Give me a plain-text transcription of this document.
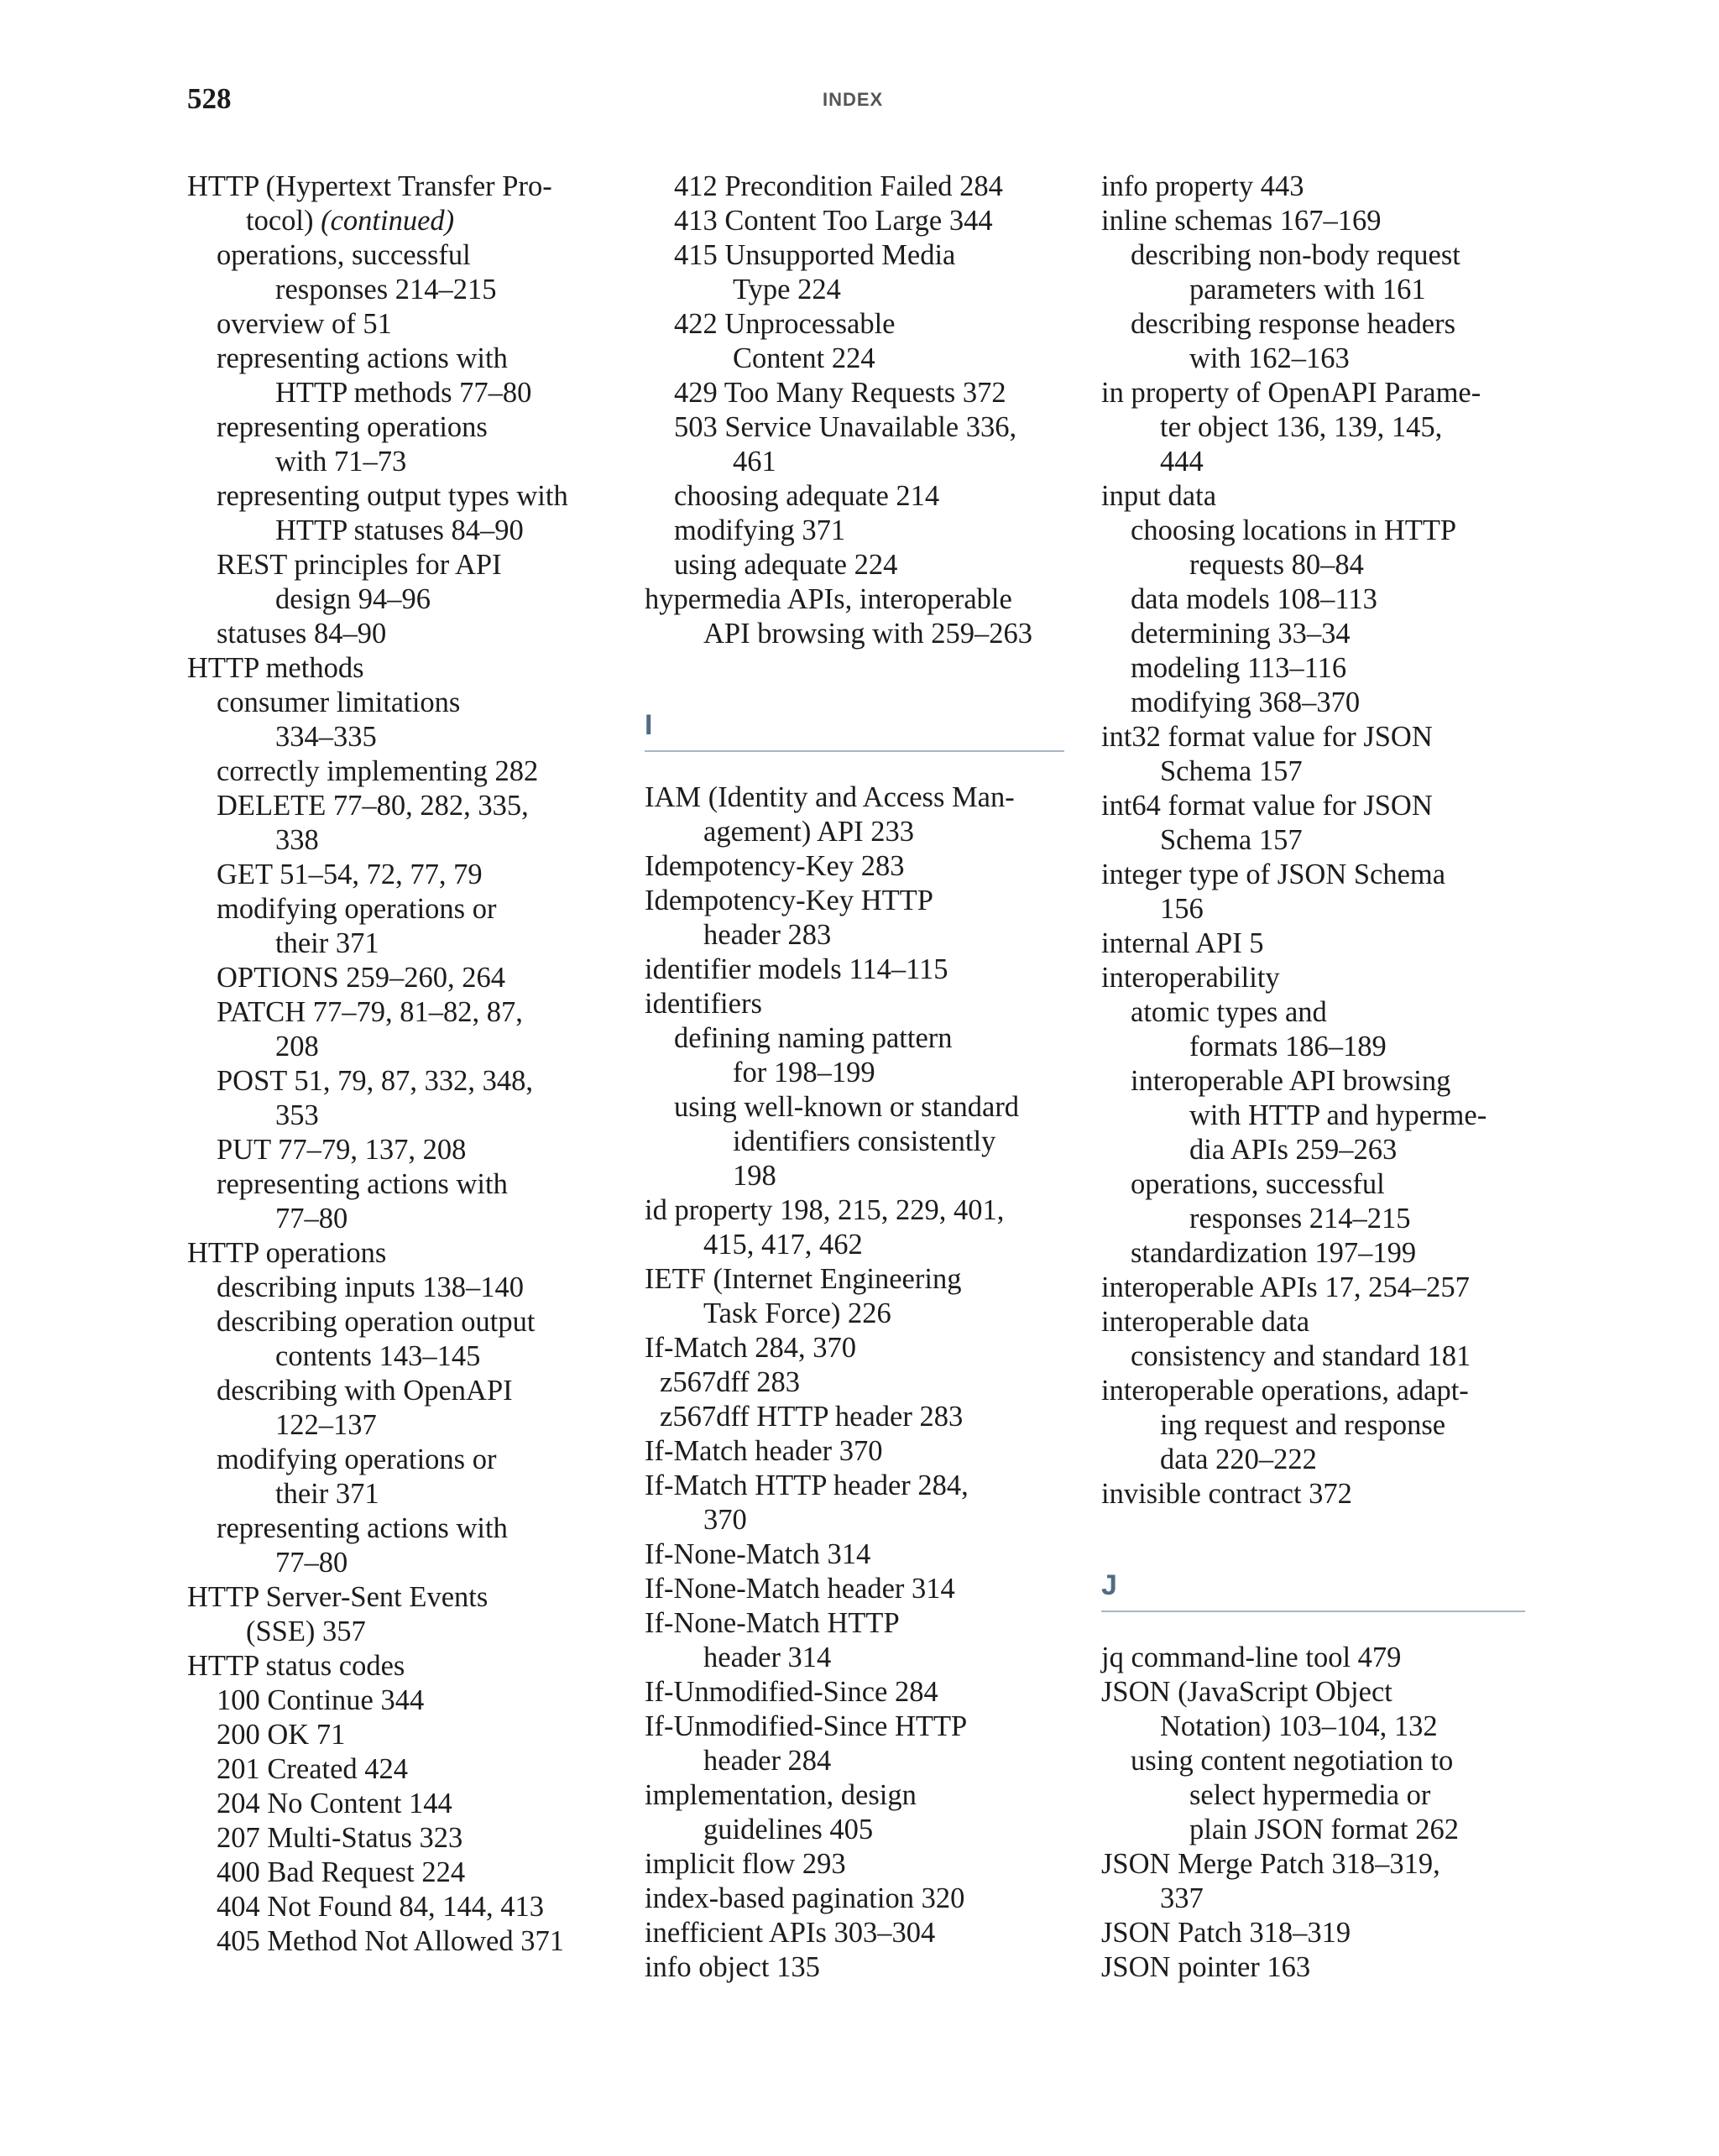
528	INDEX
HTTP (Hypertext Transfer Pro-
tocol) (continued)
operations, successful
responses 214–215
overview of 51
representing actions with
HTTP methods 77–80
representing operations
with 71–73
representing output types with
HTTP statuses 84–90
REST principles for API
design 94–96
statuses 84–90
HTTP methods
consumer limitations
334–335
correctly implementing 282
DELETE 77–80, 282, 335,
338
GET 51–54, 72, 77, 79
modifying operations or
their 371
OPTIONS 259–260, 264
PATCH 77–79, 81–82, 87,
208
POST 51, 79, 87, 332, 348,
353
PUT 77–79, 137, 208
representing actions with
77–80
HTTP operations
describing inputs 138–140
describing operation output
contents 143–145
describing with OpenAPI
122–137
modifying operations or
their 371
representing actions with
77–80
HTTP Server-Sent Events
(SSE) 357
HTTP status codes
100 Continue 344
200 OK 71
201 Created 424
204 No Content 144
207 Multi-Status 323
400 Bad Request 224
404 Not Found 84, 144, 413
405 Method Not Allowed 371
412 Precondition Failed 284
413 Content Too Large 344
415 Unsupported Media
Type 224
422 Unprocessable
Content 224
429 Too Many Requests 372
503 Service Unavailable 336,
461
choosing adequate 214
modifying 371
using adequate 224
hypermedia APIs, interoperable
API browsing with 259–263
I
IAM (Identity and Access Man-
agement) API 233
Idempotency-Key 283
Idempotency-Key HTTP
header 283
identifier models 114–115
identifiers
defining naming pattern
for 198–199
using well-known or standard
identifiers consistently
198
id property 198, 215, 229, 401,
415, 417, 462
IETF (Internet Engineering
Task Force) 226
If-Match 284, 370
z567dff 283
z567dff HTTP header 283
If-Match header 370
If-Match HTTP header 284,
370
If-None-Match 314
If-None-Match header 314
If-None-Match HTTP
header 314
If-Unmodified-Since 284
If-Unmodified-Since HTTP
header 284
implementation, design
guidelines 405
implicit flow 293
index-based pagination 320
inefficient APIs 303–304
info object 135
info property 443
inline schemas 167–169
describing non-body request
parameters with 161
describing response headers
with 162–163
in property of OpenAPI Parame-
ter object 136, 139, 145,
444
input data
choosing locations in HTTP
requests 80–84
data models 108–113
determining 33–34
modeling 113–116
modifying 368–370
int32 format value for JSON
Schema 157
int64 format value for JSON
Schema 157
integer type of JSON Schema
156
internal API 5
interoperability
atomic types and
formats 186–189
interoperable API browsing
with HTTP and hyperme-
dia APIs 259–263
operations, successful
responses 214–215
standardization 197–199
interoperable APIs 17, 254–257
interoperable data
consistency and standard 181
interoperable operations, adapt-
ing request and response
data 220–222
invisible contract 372
J
jq command-line tool 479
JSON (JavaScript Object
Notation) 103–104, 132
using content negotiation to
select hypermedia or
plain JSON format 262
JSON Merge Patch 318–319,
337
JSON Patch 318–319
JSON pointer 163
